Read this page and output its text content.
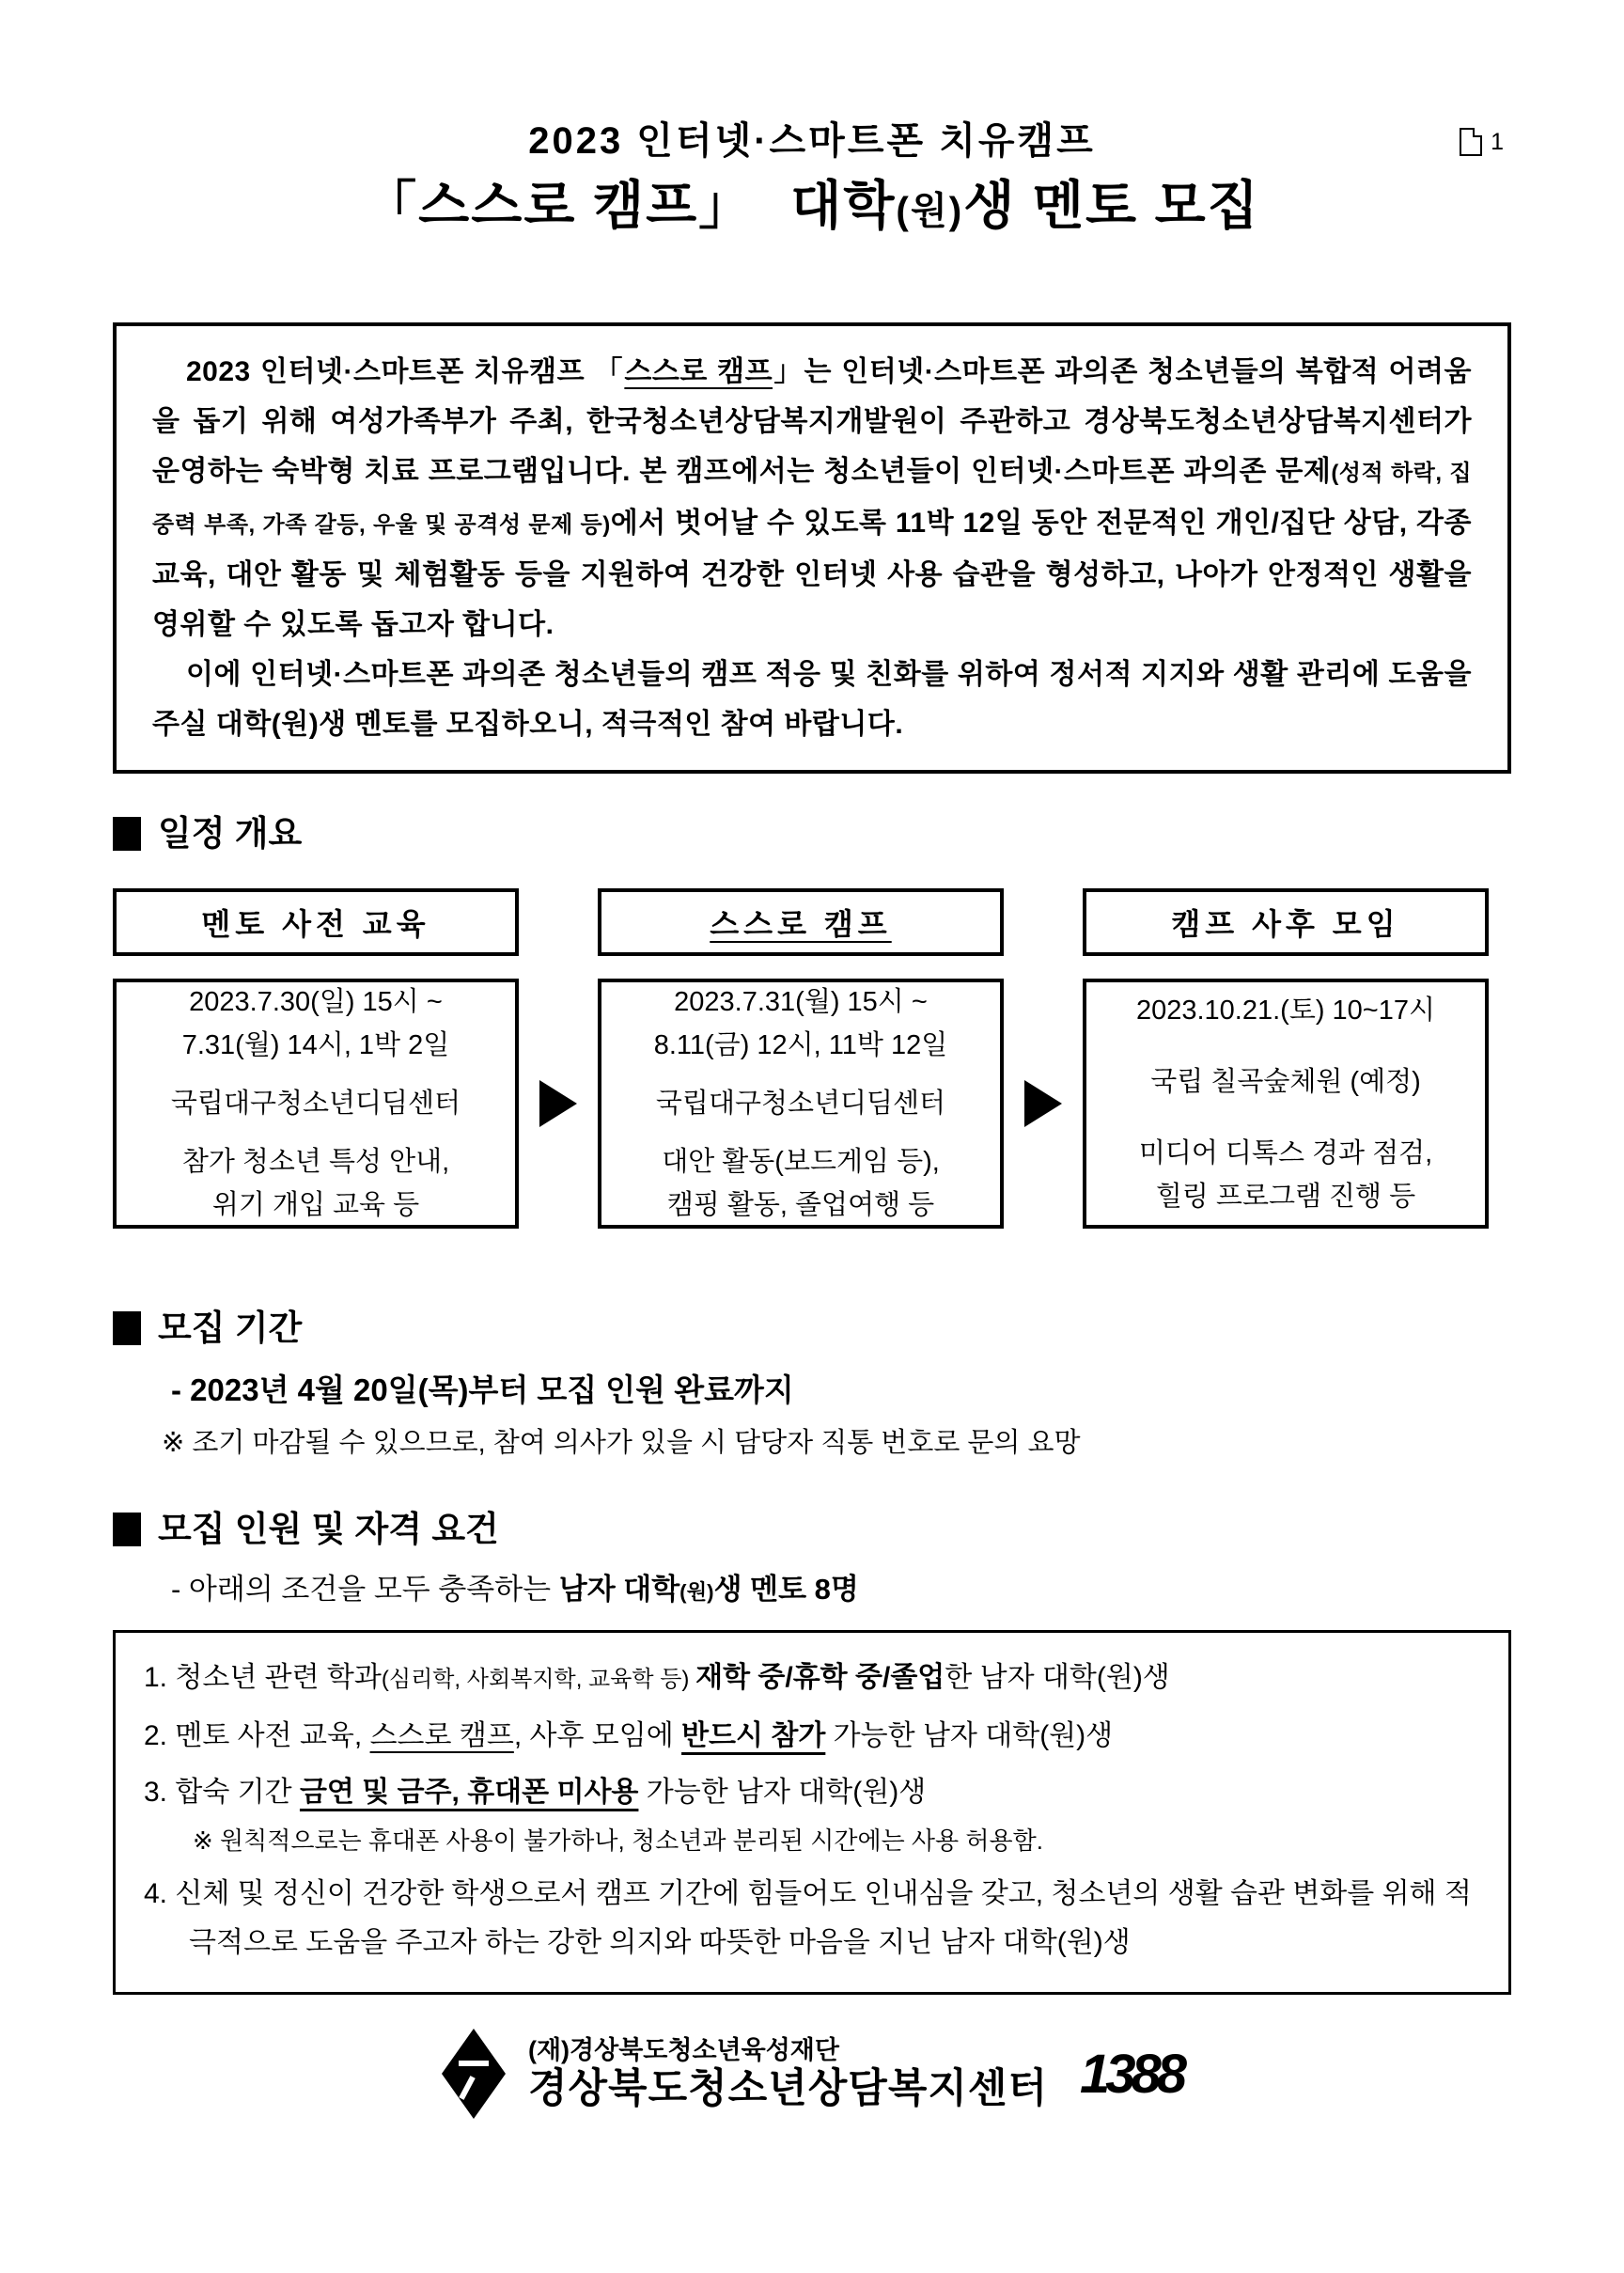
1
2023 인터넷·스마트폰 치유캠프
「스스로 캠프」 대학(원)생 멘토 모집

2023 인터넷·스마트폰 치유캠프 「스스로 캠프」는 인터넷·스마트폰 과의존 청소년들의 복합적 어려움을 돕기 위해 여성가족부가 주최, 한국청소년상담복지개발원이 주관하고 경상북도청소년상담복지센터가 운영하는 숙박형 치료 프로그램입니다. 본 캠프에서는 청소년들이 인터넷·스마트폰 과의존 문제(성적 하락, 집중력 부족, 가족 갈등, 우울 및 공격성 문제 등)에서 벗어날 수 있도록 11박 12일 동안 전문적인 개인/집단 상담, 각종 교육, 대안 활동 및 체험활동 등을 지원하여 건강한 인터넷 사용 습관을 형성하고, 나아가 안정적인 생활을 영위할 수 있도록 돕고자 합니다.

이에 인터넷·스마트폰 과의존 청소년들의 캠프 적응 및 친화를 위하여 정서적 지지와 생활 관리에 도움을 주실 대학(원)생 멘토를 모집하오니, 적극적인 참여 바랍니다.

일정 개요
멘토 사전 교육	스스로 캠프	캠프 사후 모임
2023.7.30(일) 15시 ~
7.31(월) 14시, 1박 2일
국립대구청소년디딤센터
참가 청소년 특성 안내,
위기 개입 교육 등
2023.7.31(월) 15시 ~
8.11(금) 12시, 11박 12일
국립대구청소년디딤센터
대안 활동(보드게임 등),
캠핑 활동, 졸업여행 등
2023.10.21.(토) 10~17시
국립 칠곡숲체원 (예정)
미디어 디톡스 경과 점검,
힐링 프로그램 진행 등
모집 기간
- 2023년 4월 20일(목)부터 모집 인원 완료까지
※ 조기 마감될 수 있으므로, 참여 의사가 있을 시 담당자 직통 번호로 문의 요망
모집 인원 및 자격 요건
- 아래의 조건을 모두 충족하는 남자 대학(원)생 멘토 8명
1. 청소년 관련 학과(심리학, 사회복지학, 교육학 등) 재학 중/휴학 중/졸업한 남자 대학(원)생
2. 멘토 사전 교육, 스스로 캠프, 사후 모임에 반드시 참가 가능한 남자 대학(원)생
3. 합숙 기간 금연 및 금주, 휴대폰 미사용 가능한 남자 대학(원)생
※ 원칙적으로는 휴대폰 사용이 불가하나, 청소년과 분리된 시간에는 사용 허용함.
4. 신체 및 정신이 건강한 학생으로서 캠프 기간에 힘들어도 인내심을 갖고, 청소년의 생활 습관 변화를 위해 적극적으로 도움을 주고자 하는 강한 의지와 따뜻한 마음을 지닌 남자 대학(원)생
(재)경상북도청소년육성재단
경상북도청소년상담복지센터 1388
